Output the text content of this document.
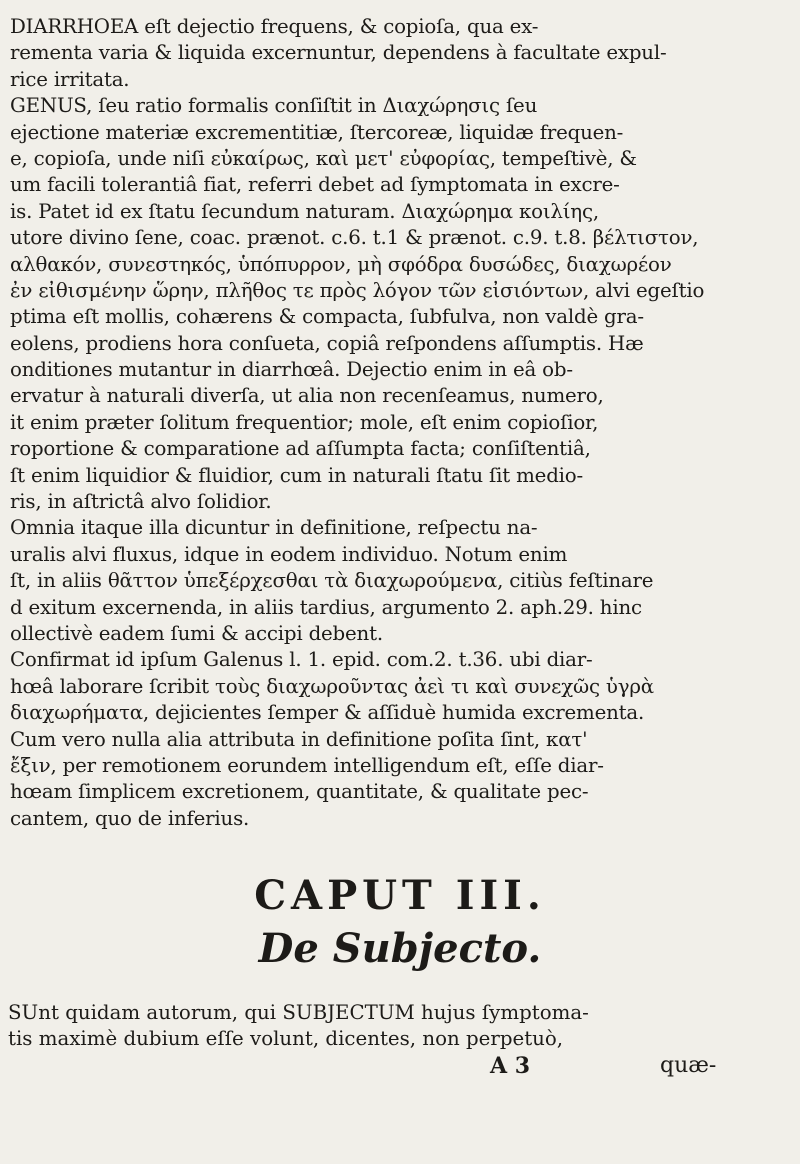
DIARRHOEA eſt dejectio frequens, & copioſa, qua ex-
rementa varia & liquida excernuntur, dependens à facultate expul-
rice irritata.
GENUS, ſeu ratio formalis conſiſtit in Διαχώρησις ſeu
ejectione materiæ excrementitiæ, ſtercoreæ, liquidæ frequen-
e, copioſa, unde niſi εὐκαίρως, καὶ μετ' εὐφορίας, tempeſtivè, &
um facili tolerantiâ fiat, referri debet ad ſymptomata in excre-
is. Patet id ex ſtatu ſecundum naturam. Διαχώρημα κοιλίης,
utore divino ſene, coac. prænot. c.6. t.1 & prænot. c.9. t.8. βέλτιστον,
αλθακόν, συνεστηκός, ὑπόπυρρον, μὴ σφόδρα δυσώδες, διαχωρέον
ἐν εἰθισμένην ὥρην, πλῆθος τε πρὸς λόγον τῶν εἰσιόντων, alvi egeſtio
ptima eſt mollis, cohærens & compacta, ſubfulva, non valdè gra-
eolens, prodiens hora conſueta, copiâ reſpondens aſſumptis. Hæ
onditiones mutantur in diarrhœâ. Dejectio enim in eâ ob-
ervatur à naturali diverſa, ut alia non recenſeamus, numero,
it enim præter ſolitum frequentior; mole, eſt enim copioſior,
roportione & comparatione ad aſſumpta facta; conſiſtentiâ,
ſt enim liquidior & fluidior, cum in naturali ſtatu ſit medio-
ris, in aſtrictâ alvo ſolidior.
Omnia itaque illa dicuntur in definitione, reſpectu na-
uralis alvi fluxus, idque in eodem individuo. Notum enim
ſt, in aliis θᾶττον ὑπεξέρχεσθαι τὰ διαχωρούμενα, citiùs feſtinare
d exitum excernenda, in aliis tardius, argumento 2. aph.29. hinc
ollectivè eadem ſumi & accipi debent.
Confirmat id ipſum Galenus l. 1. epid. com.2. t.36. ubi diar-
hœâ laborare ſcribit τοὺς διαχωροῦντας ἀεὶ τι καὶ συνεχῶς ὑγρὰ
διαχωρήματα, dejicientes ſemper & aſſiduè humida excrementa.
Cum vero nulla alia attributa in definitione poſita ſint, κατ'
ἔξιν, per remotionem eorundem intelligendum eſt, eſſe diar-
hœam ſimplicem excretionem, quantitate, & qualitate pec-
cantem, quo de inferius.
CAPUT III.
De Subjecto.
SUnt quidam autorum, qui SUBJECTUM hujus ſymptoma-
tis maximè dubium eſſe volunt, dicentes, non perpetuò,
A 3	quæ-
